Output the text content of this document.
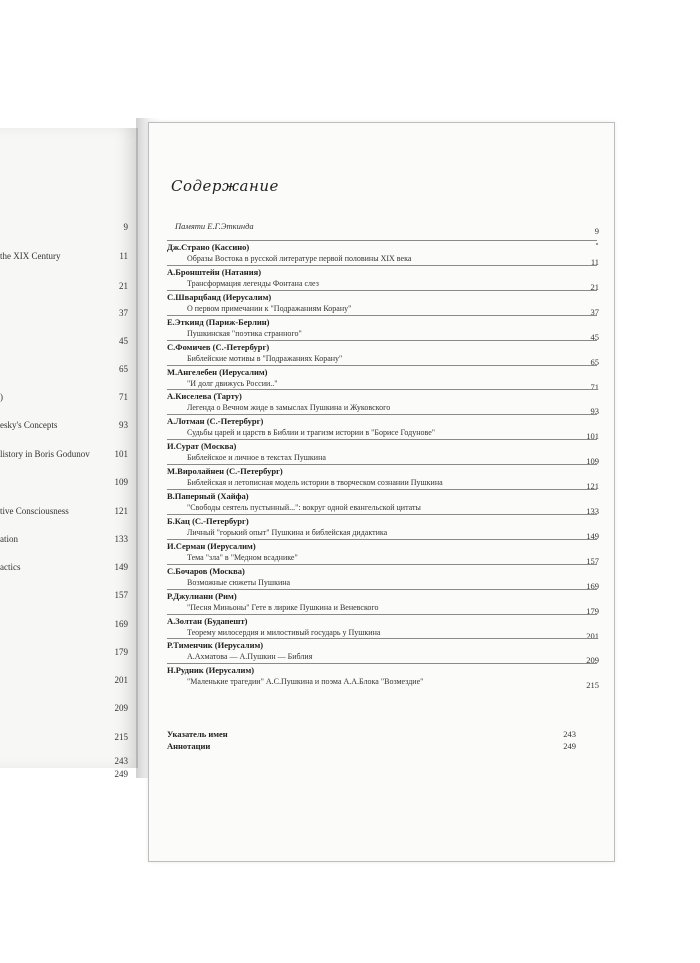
9
the XIX Century	11
21
37
45
65
)	71
esky's Concepts	93
listory in Boris Godunov	101
109
tive Consciousness	121
ation	133
actics	149
157
169
179
201
209
215
243
249
Содержание
Памяти Е.Г.Эткинда	9
Дж.Страно (Кассино)
Образы Востока в русской литературе первой половины XIX века	11
А.Бронштейн (Натания)
Трансформация легенды Фонтана слез	21
С.Шварцбанд (Иерусалим)
О первом примечании к "Подражаниям Корану"	37
Е.Эткинд (Париж-Берлин)
Пушкинская "поэтика странного"	45
С.Фомичев (С.-Петербург)
Библейские мотивы в "Подражаниях Корану"	65
М.Ангелебен (Иерусалим)
"И долг движусь России.."	71
А.Киселева (Тарту)
Легенда о Вечном жиде в замыслах Пушкина и Жуковского	93
А.Лотман (С.-Петербург)
Судьбы царей и царств в Библии и трагизм истории в "Борисе Годунове"	101
И.Сурат (Москва)
Библейское и личное в текстах Пушкина	109
М.Виролайнен (С.-Петербург)
Библейская и летописная модель истории в творческом сознании Пушкина	121
В.Паперный (Хайфа)
"Свободы сеятель пустынный...": вокруг одной евангельской цитаты	133
Б.Кац (С.-Петербург)
Личный "горький опыт" Пушкина и библейская дидактика	149
И.Серман (Иерусалим)
Тема "зла" в "Медном всаднике"	157
С.Бочаров (Москва)
Возможные сюжеты Пушкина	169
Р.Джулиани (Рим)
"Песня Миньоны" Гете в лирике Пушкина и Веневского	179
А.Золтан (Будапешт)
Теорему милосердия и милостивый государь у Пушкина	201
Р.Тименчик (Иерусалим)
А.Ахматова — А.Пушкин — Библия	209
Н.Рудник (Иерусалим)
"Маленькие трагедии" А.С.Пушкина и поэма А.А.Блока "Возмездие"	215
Указатель имен	243
Аннотации	249
